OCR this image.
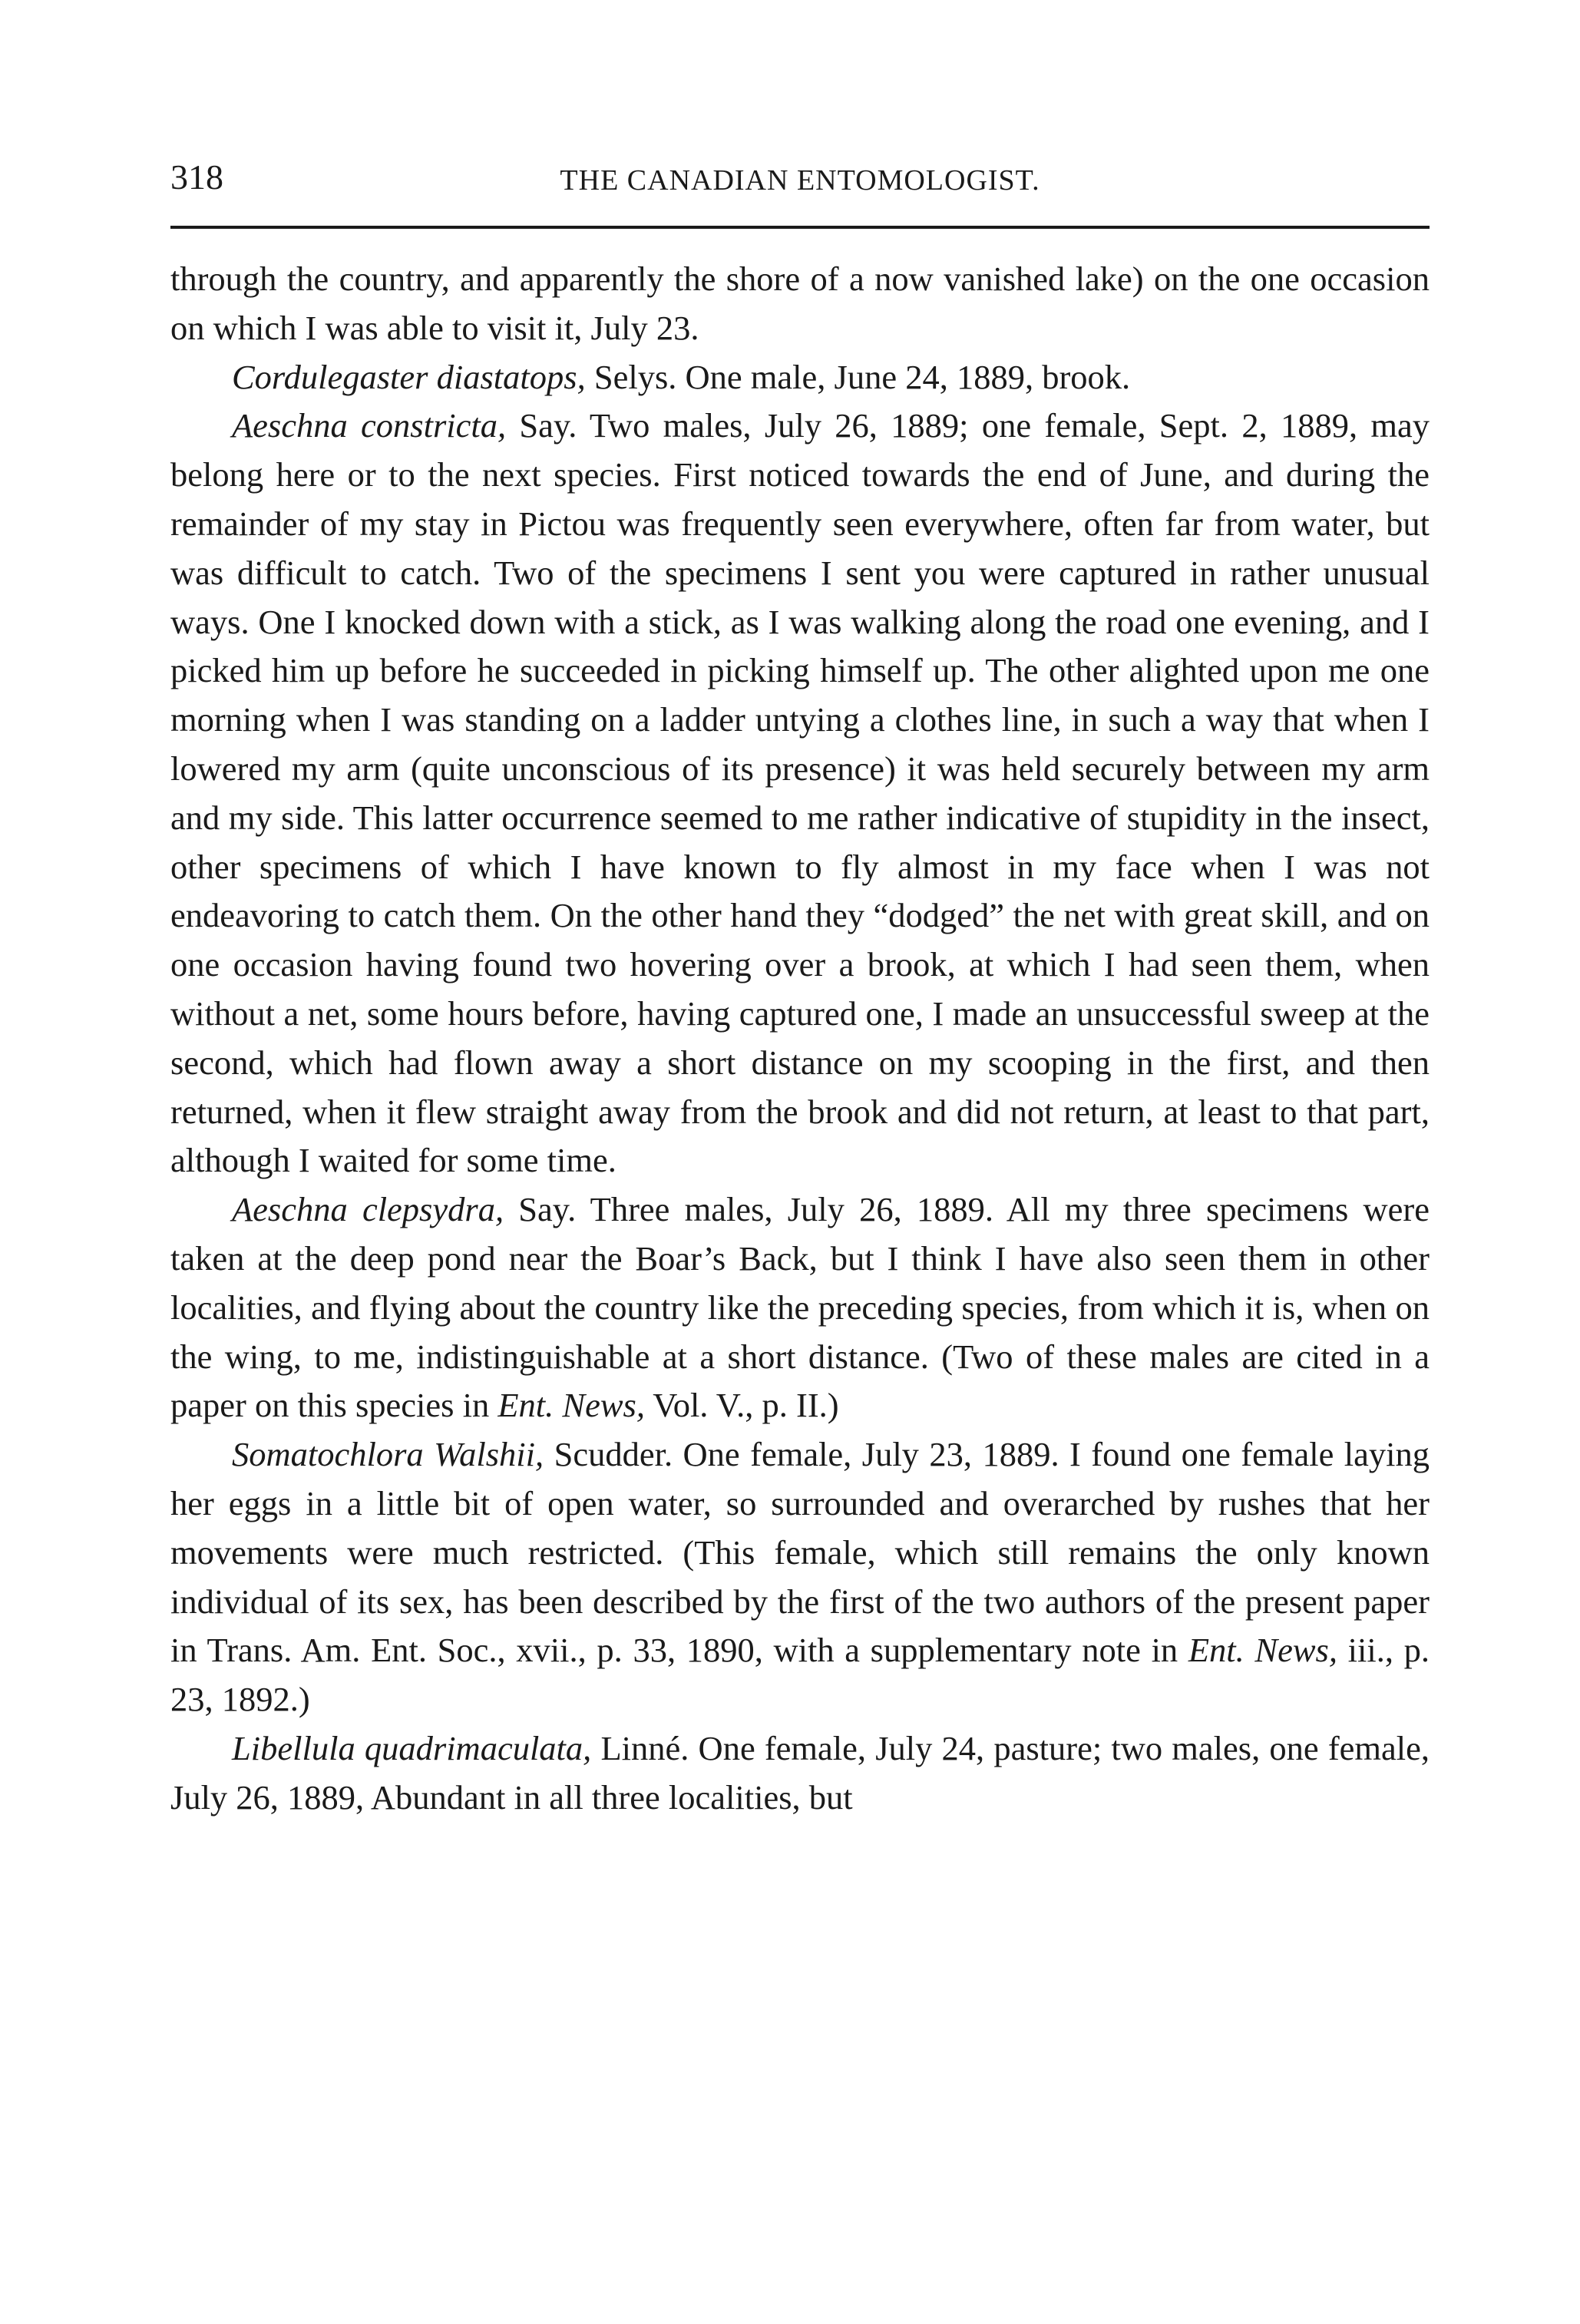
318	THE CANADIAN ENTOMOLOGIST.

through the country, and apparently the shore of a now vanished lake) on the one occasion on which I was able to visit it, July 23.

Cordulegaster diastatops, Selys. One male, June 24, 1889, brook.

Aeschna constricta, Say. Two males, July 26, 1889; one female, Sept. 2, 1889, may belong here or to the next species. First noticed towards the end of June, and during the remainder of my stay in Pictou was frequently seen everywhere, often far from water, but was difficult to catch. Two of the specimens I sent you were captured in rather unusual ways. One I knocked down with a stick, as I was walking along the road one evening, and I picked him up before he succeeded in picking himself up. The other alighted upon me one morning when I was standing on a ladder untying a clothes line, in such a way that when I lowered my arm (quite unconscious of its presence) it was held securely between my arm and my side. This latter occurrence seemed to me rather indicative of stupidity in the insect, other specimens of which I have known to fly almost in my face when I was not endeavoring to catch them. On the other hand they “dodged” the net with great skill, and on one occasion having found two hovering over a brook, at which I had seen them, when without a net, some hours before, having captured one, I made an unsuccessful sweep at the second, which had flown away a short distance on my scooping in the first, and then returned, when it flew straight away from the brook and did not return, at least to that part, although I waited for some time.

Aeschna clepsydra, Say. Three males, July 26, 1889. All my three specimens were taken at the deep pond near the Boar’s Back, but I think I have also seen them in other localities, and flying about the country like the preceding species, from which it is, when on the wing, to me, indistinguishable at a short distance. (Two of these males are cited in a paper on this species in Ent. News, Vol. V., p. II.)

Somatochlora Walshii, Scudder. One female, July 23, 1889. I found one female laying her eggs in a little bit of open water, so surrounded and overarched by rushes that her movements were much restricted. (This female, which still remains the only known individual of its sex, has been described by the first of the two authors of the present paper in Trans. Am. Ent. Soc., xvii., p. 33, 1890, with a supplementary note in Ent. News, iii., p. 23, 1892.)

Libellula quadrimaculata, Linné. One female, July 24, pasture; two males, one female, July 26, 1889, Abundant in all three localities, but
